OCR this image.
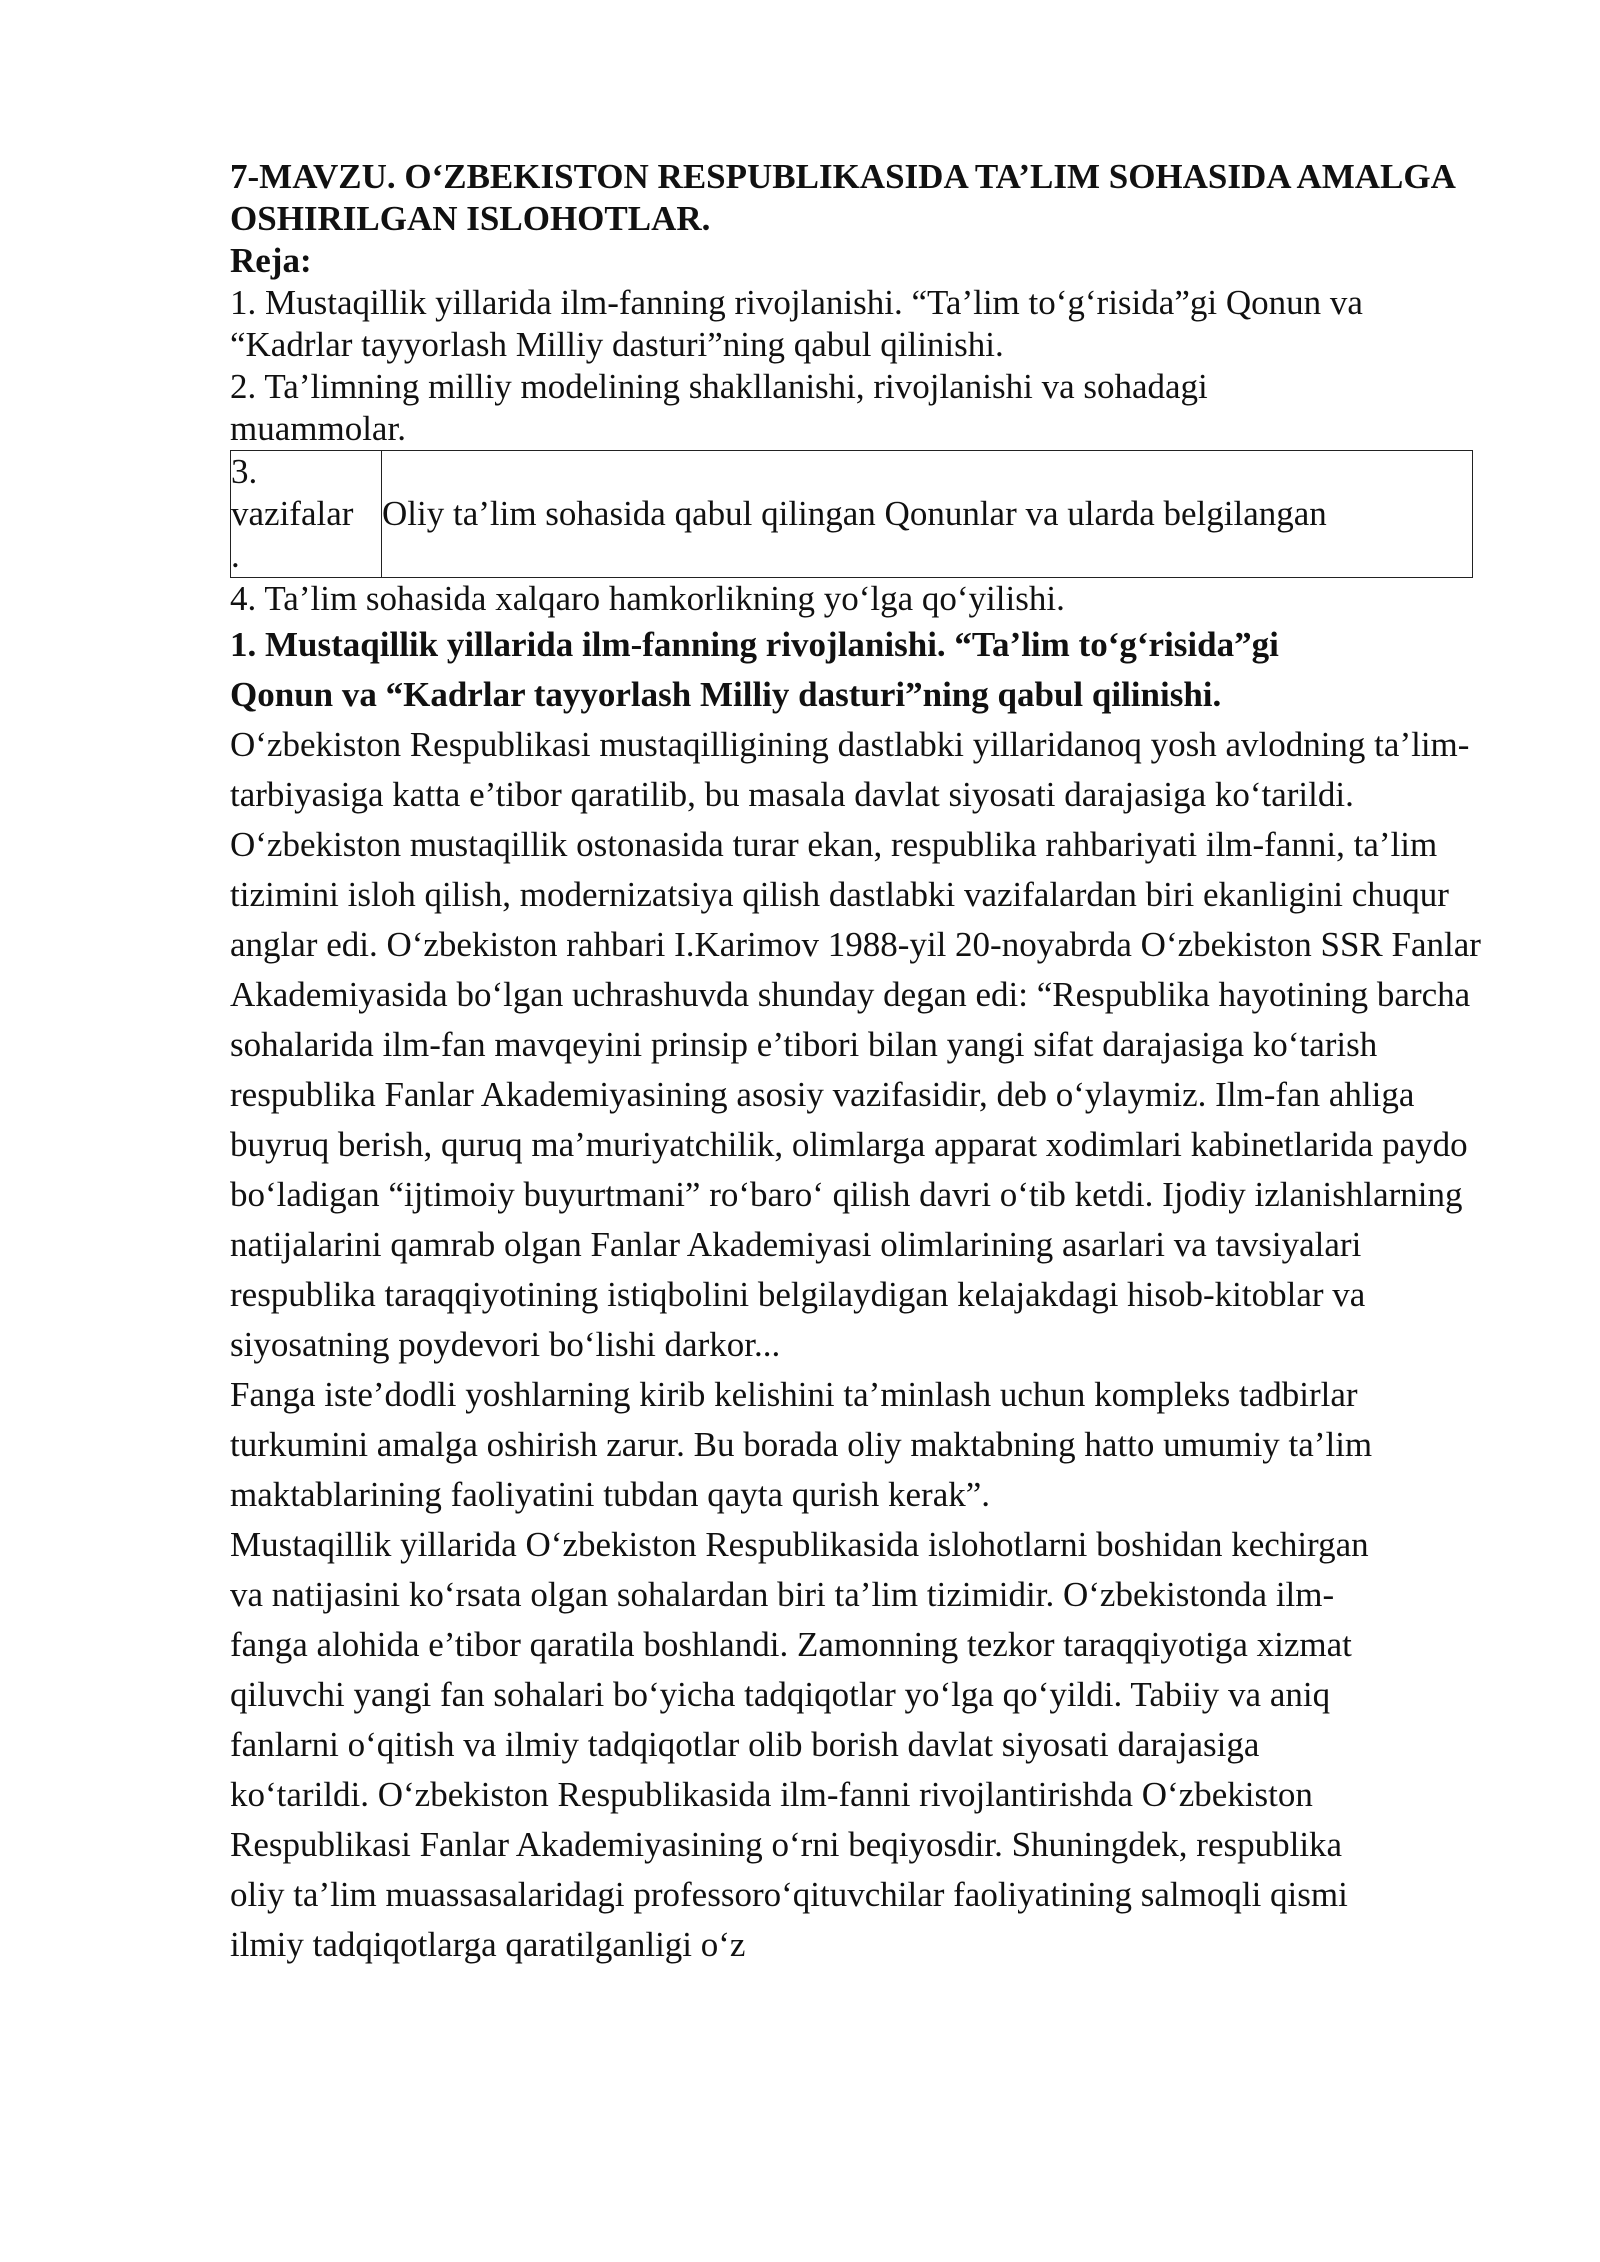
7-MAVZU. O‘ZBEKISTON RESPUBLIKASIDA TA’LIM SOHASIDA AMALGA OSHIRILGAN ISLOHOTLAR.

Reja:

1. Mustaqillik yillarida ilm-fanning rivojlanishi. “Ta’lim to‘g‘risida”gi Qonun va “Kadrlar tayyorlash Milliy dasturi”ning qabul qilinishi.

2. Ta’limning milliy modelining shakllanishi, rivojlanishi va sohadagi muammolar.

3.
vazifalar
.
	Oliy ta’lim sohasida qabul qilingan Qonunlar va ularda belgilangan

4. Ta’lim sohasida xalqaro hamkorlikning yo‘lga qo‘yilishi.

1. Mustaqillik yillarida ilm-fanning rivojlanishi. “Ta’lim to‘g‘risida”gi Qonun va “Kadrlar tayyorlash Milliy dasturi”ning qabul qilinishi.

O‘zbekiston Respublikasi mustaqilligining dastlabki yillaridanoq yosh avlodning ta’lim-tarbiyasiga katta e’tibor qaratilib, bu masala davlat siyosati darajasiga ko‘tarildi. O‘zbekiston mustaqillik ostonasida turar ekan, respublika rahbariyati ilm-fanni, ta’lim tizimini isloh qilish, modernizatsiya qilish dastlabki vazifalardan biri ekanligini chuqur anglar edi. O‘zbekiston rahbari I.Karimov 1988-yil 20-noyabrda O‘zbekiston SSR Fanlar Akademiyasida bo‘lgan uchrashuvda shunday degan edi: “Respublika hayotining barcha sohalarida ilm-fan mavqeyini prinsip e’tibori bilan yangi sifat darajasiga ko‘tarish respublika Fanlar Akademiyasining asosiy vazifasidir, deb o‘ylaymiz. Ilm-fan ahliga buyruq berish, quruq ma’muriyatchilik, olimlarga apparat xodimlari kabinetlarida paydo bo‘ladigan “ijtimoiy buyurtmani” ro‘baro‘ qilish davri o‘tib ketdi. Ijodiy izlanishlarning natijalarini qamrab olgan Fanlar Akademiyasi olimlarining asarlari va tavsiyalari respublika taraqqiyotining istiqbolini belgilaydigan kelajakdagi hisob-kitoblar va siyosatning poydevori bo‘lishi darkor...

Fanga iste’dodli yoshlarning kirib kelishini ta’minlash uchun kompleks tadbirlar turkumini amalga oshirish zarur. Bu borada oliy maktabning hatto umumiy ta’lim maktablarining faoliyatini tubdan qayta qurish kerak”.

Mustaqillik yillarida O‘zbekiston Respublikasida islohotlarni boshidan kechirgan va natijasini ko‘rsata olgan sohalardan biri ta’lim tizimidir. O‘zbekistonda ilm-fanga alohida e’tibor qaratila boshlandi. Zamonning tezkor taraqqiyotiga xizmat qiluvchi yangi fan sohalari bo‘yicha tadqiqotlar yo‘lga qo‘yildi. Tabiiy va aniq fanlarni o‘qitish va ilmiy tadqiqotlar olib borish davlat siyosati darajasiga ko‘tarildi. O‘zbekiston Respublikasida ilm-fanni rivojlantirishda O‘zbekiston Respublikasi Fanlar Akademiyasining o‘rni beqiyosdir. Shuningdek, respublika oliy ta’lim muassasalaridagi professoro‘qituvchilar faoliyatining salmoqli qismi ilmiy tadqiqotlarga qaratilganligi o‘z
